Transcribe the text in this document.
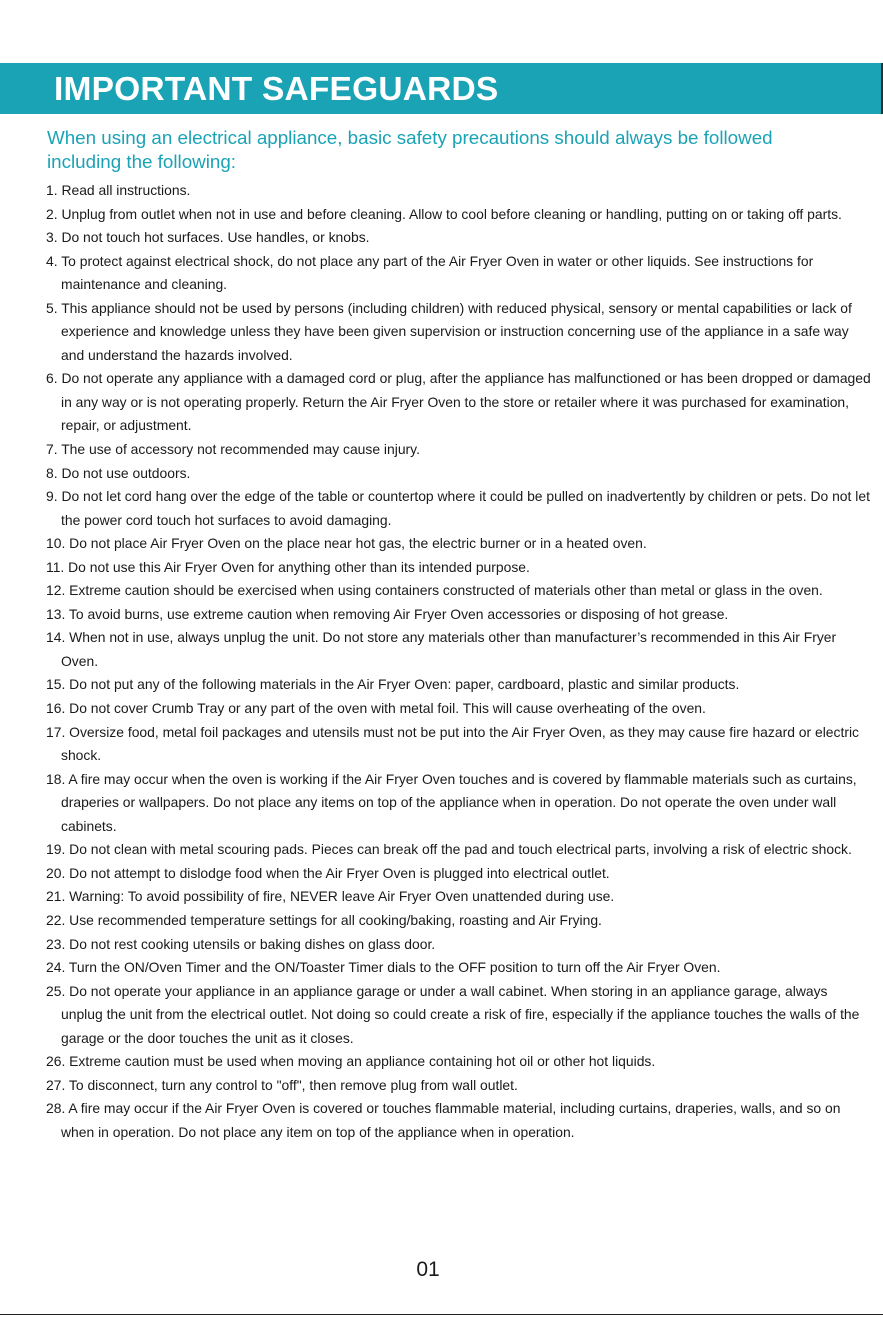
IMPORTANT SAFEGUARDS

When using an electrical appliance, basic safety precautions should always be followed including the following:

1. Read all instructions.
2. Unplug from outlet when not in use and before cleaning. Allow to cool before cleaning or handling, putting on or taking off parts.
3. Do not touch hot surfaces. Use handles, or knobs.
4. To protect against electrical shock, do not place any part of the Air Fryer Oven in water or other liquids. See instructions for maintenance and cleaning.
5. This appliance should not be used by persons (including children) with reduced physical, sensory or mental capabilities or lack of experience and knowledge unless they have been given supervision or instruction concerning use of the appliance in a safe way and understand the hazards involved.
6. Do not operate any appliance with a damaged cord or plug, after the appliance has malfunctioned or has been dropped or damaged in any way or is not operating properly. Return the Air Fryer Oven to the store or retailer where it was purchased for examination, repair, or adjustment.
7. The use of accessory not recommended may cause injury.
8. Do not use outdoors.
9. Do not let cord hang over the edge of the table or countertop where it could be pulled on inadvertently by children or pets. Do not let the power cord touch hot surfaces to avoid damaging.
10. Do not place Air Fryer Oven on the place near hot gas, the electric burner or in a heated oven.
11. Do not use this Air Fryer Oven for anything other than its intended purpose.
12. Extreme caution should be exercised when using containers constructed of materials other than metal or glass in the oven.
13. To avoid burns, use extreme caution when removing Air Fryer Oven accessories or disposing of hot grease.
14. When not in use, always unplug the unit. Do not store any materials other than manufacturer’s recommended in this Air Fryer Oven.
15. Do not put any of the following materials in the Air Fryer Oven: paper, cardboard, plastic and similar products.
16. Do not cover Crumb Tray or any part of the oven with metal foil. This will cause overheating of the oven.
17. Oversize food, metal foil packages and utensils must not be put into the Air Fryer Oven, as they may cause fire hazard or electric shock.
18. A fire may occur when the oven is working if the Air Fryer Oven touches and is covered by flammable materials such as curtains, draperies or wallpapers. Do not place any items on top of the appliance when in operation. Do not operate the oven under wall cabinets.
19. Do not clean with metal scouring pads. Pieces can break off the pad and touch electrical parts, involving a risk of electric shock.
20. Do not attempt to dislodge food when the Air Fryer Oven is plugged into electrical outlet.
21. Warning: To avoid possibility of fire, NEVER leave Air Fryer Oven unattended during use.
22. Use recommended temperature settings for all cooking/baking, roasting and Air Frying.
23. Do not rest cooking utensils or baking dishes on glass door.
24. Turn the ON/Oven Timer and the ON/Toaster Timer dials to the OFF position to turn off the Air Fryer Oven.
25. Do not operate your appliance in an appliance garage or under a wall cabinet. When storing in an appliance garage, always unplug the unit from the electrical outlet. Not doing so could create a risk of fire, especially if the appliance touches the walls of the garage or the door touches the unit as it closes.
26. Extreme caution must be used when moving an appliance containing hot oil or other hot liquids.
27. To disconnect, turn any control to "off", then remove plug from wall outlet.
28. A fire may occur if the Air Fryer Oven is covered or touches flammable material, including curtains, draperies, walls, and so on when in operation. Do not place any item on top of the appliance when in operation.
01
